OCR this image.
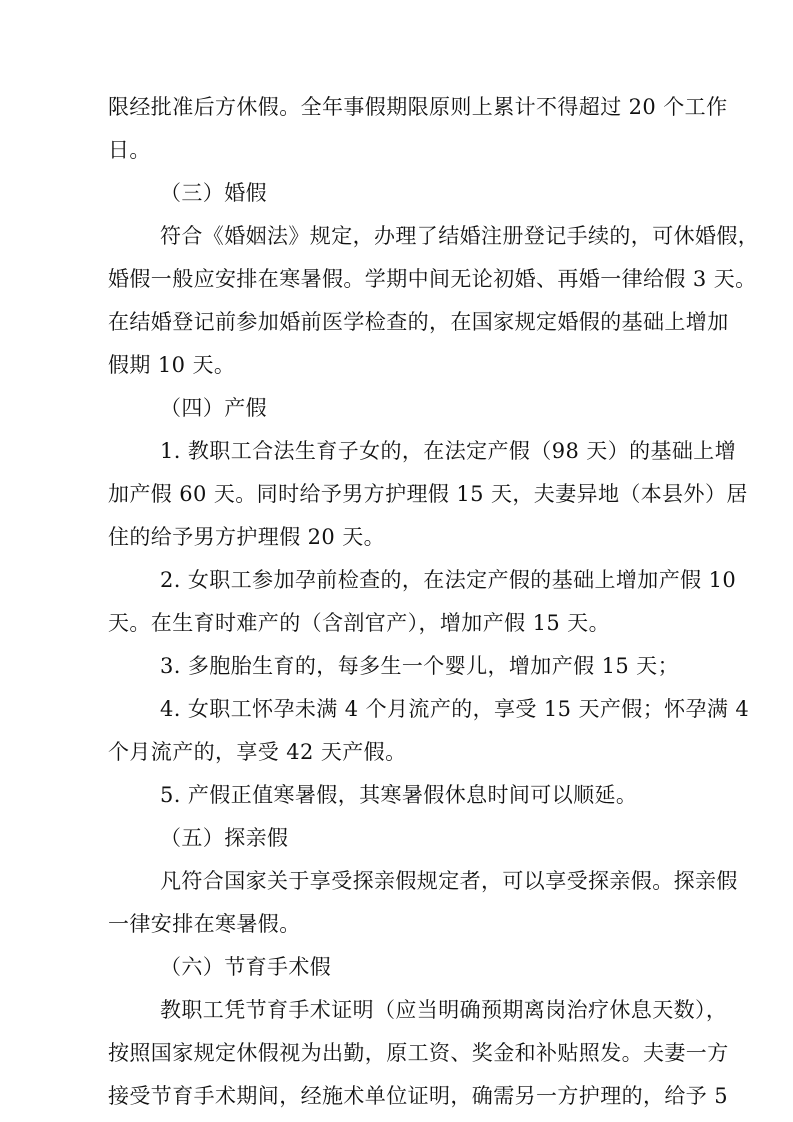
限经批准后方休假。全年事假期限原则上累计不得超过 20 个工作
日。
（三）婚假
符合《婚姻法》规定，办理了结婚注册登记手续的，可休婚假，
婚假一般应安排在寒暑假。学期中间无论初婚、再婚一律给假 3 天。
在结婚登记前参加婚前医学检查的，在国家规定婚假的基础上增加
假期 10 天。
（四）产假
1. 教职工合法生育子女的，在法定产假（98 天）的基础上增
加产假 60 天。同时给予男方护理假 15 天，夫妻异地（本县外）居
住的给予男方护理假 20 天。
2. 女职工参加孕前检查的，在法定产假的基础上增加产假 10
天。在生育时难产的（含剖官产），增加产假 15 天。
3. 多胞胎生育的，每多生一个婴儿，增加产假 15 天；
4. 女职工怀孕未满 4 个月流产的，享受 15 天产假；怀孕满 4
个月流产的，享受 42 天产假。
5. 产假正值寒暑假，其寒暑假休息时间可以顺延。
（五）探亲假
凡符合国家关于享受探亲假规定者，可以享受探亲假。探亲假
一律安排在寒暑假。
（六）节育手术假
教职工凭节育手术证明（应当明确预期离岗治疗休息天数），
按照国家规定休假视为出勤，原工资、奖金和补贴照发。夫妻一方
接受节育手术期间，经施术单位证明，确需另一方护理的，给予 5
